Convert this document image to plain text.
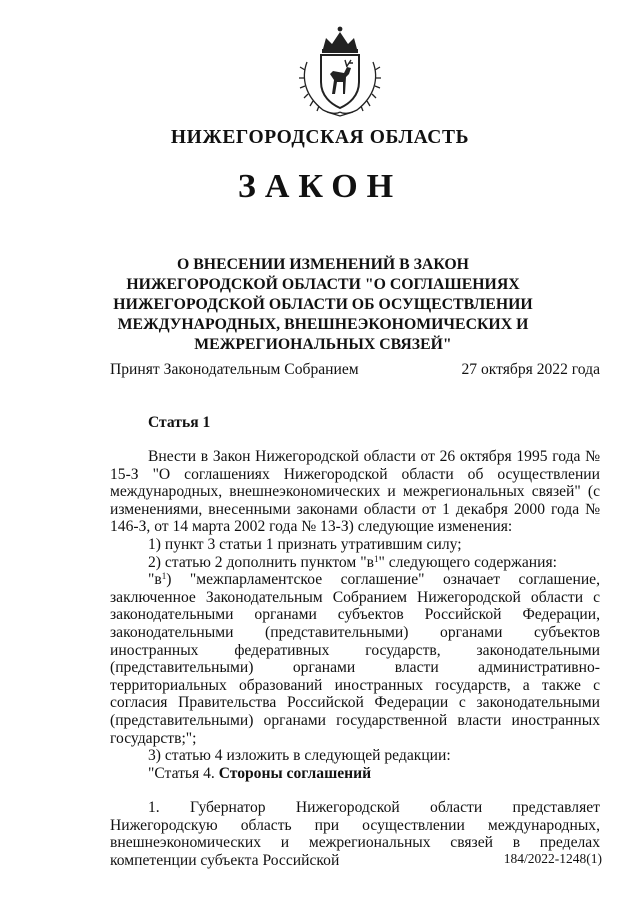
НИЖЕГОРОДСКАЯ ОБЛАСТЬ
ЗАКОН
О ВНЕСЕНИИ ИЗМЕНЕНИЙ В ЗАКОН НИЖЕГОРОДСКОЙ ОБЛАСТИ "О СОГЛАШЕНИЯХ НИЖЕГОРОДСКОЙ ОБЛАСТИ ОБ ОСУЩЕСТВЛЕНИИ МЕЖДУНАРОДНЫХ, ВНЕШНЕЭКОНОМИЧЕСКИХ И МЕЖРЕГИОНАЛЬНЫХ СВЯЗЕЙ"
Принят Законодательным Собранием	27 октября 2022 года
Статья 1

Внести в Закон Нижегородской области от 26 октября 1995 года № 15-З "О соглашениях Нижегородской области об осуществлении международных, внешнеэкономических и межрегиональных связей" (с изменениями, внесенными законами области от 1 декабря 2000 года № 146-З, от 14 марта 2002 года № 13-З) следующие изменения:

1) пункт 3 статьи 1 признать утратившим силу;

2) статью 2 дополнить пунктом "$в^1$" следующего содержания:

"$в^1$) "межпарламентское соглашение" означает соглашение, заключенное Законодательным Собранием Нижегородской области с законодательными органами субъектов Российской Федерации, законодательными (представительными) органами субъектов иностранных федеративных государств, законодательными (представительными) органами власти административно-территориальных образований иностранных государств, а также с согласия Правительства Российской Федерации с законодательными (представительными) органами государственной власти иностранных государств;";

3) статью 4 изложить в следующей редакции:

"Статья 4. Стороны соглашений

1. Губернатор Нижегородской области представляет Нижегородскую область при осуществлении международных, внешнеэкономических и межрегиональных связей в пределах компетенции субъекта Российской	184/2022-1248(1)
